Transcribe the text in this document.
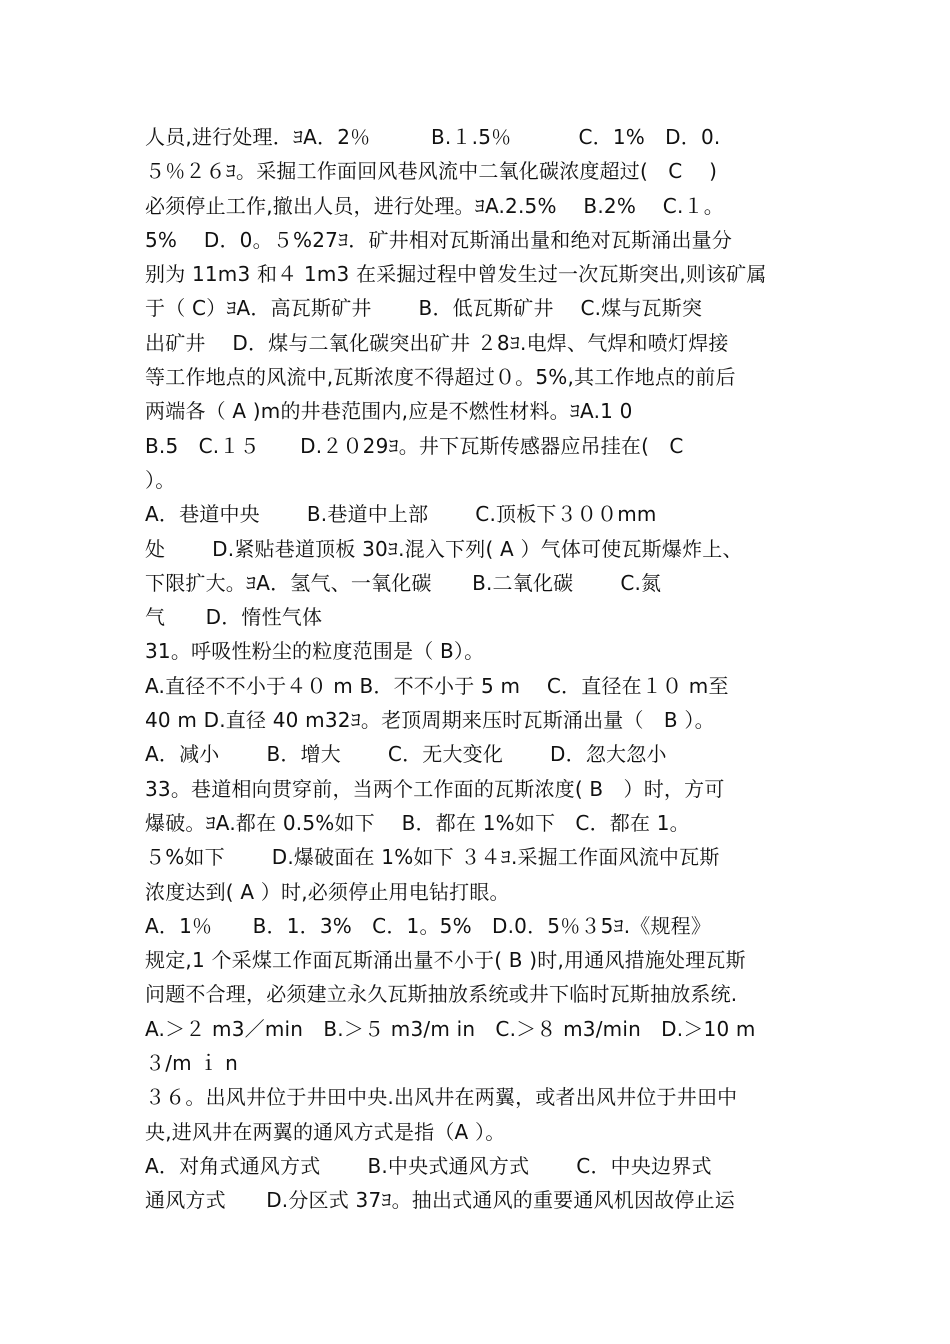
人员,进行处理．ﾖA．2％　　　B.１.5％　　　 C．1%　D．0.
５％２６ﾖ。采掘工作面回风巷风流中二氧化碳浓度超过(　C　 )
必须停止工作,撤出人员，进行处理。ﾖA.2.5%　 B.2%　 C.１。
5%　 D．0。５%27ﾖ．矿井相对瓦斯涌出量和绝对瓦斯涌出量分
别为 11m3 和４ 1m3 在采掘过程中曾发生过一次瓦斯突出,则该矿属
于（ C）ﾖA．高瓦斯矿井　　 B．低瓦斯矿井　 C.煤与瓦斯突
出矿井　 D．煤与二氧化碳突出矿井 ２8ﾖ.电焊、气焊和喷灯焊接
等工作地点的风流中,瓦斯浓度不得超过０。5%,其工作地点的前后
两端各（ A )m的井巷范围内,应是不燃性材料。ﾖA.1 0
B.5　C.１５　　D.２０29ﾖ。井下瓦斯传感器应吊挂在(　C
）。
A．巷道中央　　 B.巷道中上部　　 C.顶板下３００mm
处　　 D.紧贴巷道顶板 30ﾖ.混入下列( A ）气体可使瓦斯爆炸上、
下限扩大。ﾖA．氢气、一氧化碳　　B.二氧化碳　　 C.氮
气　　D．惰性气体
31。呼吸性粉尘的粒度范围是（ B）。
A.直径不不小于４０ m B．不不小于 5 m　 C．直径在１０ m至
40 m D.直径 40 m32ﾖ。老顶周期来压时瓦斯涌出量（　B ）。
A．减小　　 B．增大　　 C．无大变化　　 D．忽大忽小
33。巷道相向贯穿前，当两个工作面的瓦斯浓度( B　）时，方可
爆破。ﾖA.都在 0.5%如下　 B．都在 1%如下　C．都在 1。
５%如下　　 D.爆破面在 1%如下 ３４ﾖ.采掘工作面风流中瓦斯
浓度达到( A ）时,必须停止用电钻打眼。
A．1％　　B．1．3%　C．1。5%　D.0．5％３5ﾖ.《规程》
规定,1 个采煤工作面瓦斯涌出量不小于( B )时,用通风措施处理瓦斯
问题不合理，必须建立永久瓦斯抽放系统或井下临时瓦斯抽放系统.
A.＞２ m3／min　B.＞５ m3/m in　C.＞８ m3/min　D.＞10 m
３/m ｉ n
３６。出风井位于井田中央.出风井在两翼，或者出风井位于井田中
央,进风井在两翼的通风方式是指（A ）。
A．对角式通风方式　　 B.中央式通风方式　　 C．中央边界式
通风方式　　D.分区式 37ﾖ。抽出式通风的重要通风机因故停止运
